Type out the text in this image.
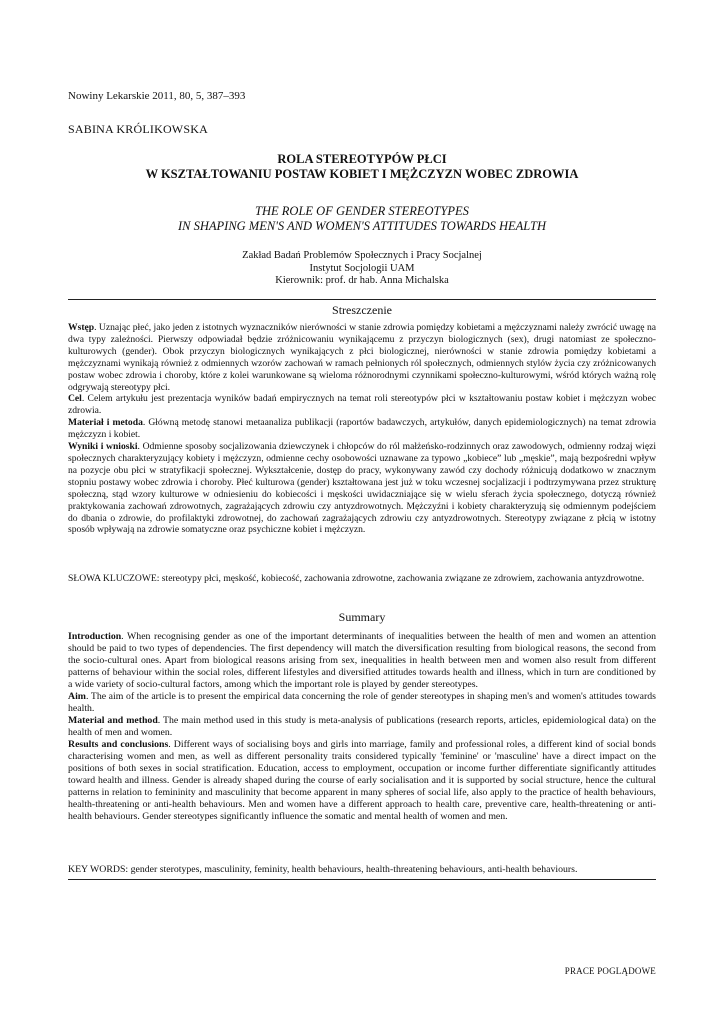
Nowiny Lekarskie 2011, 80, 5, 387–393
SABINA KRÓLIKOWSKA
ROLA STEREOTYPÓW PŁCI
W KSZTAŁTOWANIU POSTAW KOBIET I MĘŻCZYZN WOBEC ZDROWIA
THE ROLE OF GENDER STEREOTYPES
IN SHAPING MEN'S AND WOMEN'S ATTITUDES TOWARDS HEALTH
Zakład Badań Problemów Społecznych i Pracy Socjalnej
Instytut Socjologii UAM
Kierownik: prof. dr hab. Anna Michalska
Streszczenie

Wstęp. Uznając płeć, jako jeden z istotnych wyznaczników nierówności w stanie zdrowia pomiędzy kobietami a mężczyznami należy zwrócić uwagę na dwa typy zależności. Pierwszy odpowiadał będzie zróżnicowaniu wynikającemu z przyczyn biologicznych (sex), drugi natomiast ze społeczno-kulturowych (gender). Obok przyczyn biologicznych wynikających z płci biologicznej, nierówności w stanie zdrowia pomiędzy kobietami a mężczyznami wynikają również z odmiennych wzorów zachowań w ramach pełnionych ról społecznych, odmiennych stylów życia czy zróżnicowanych postaw wobec zdrowia i choroby, które z kolei warunkowane są wieloma różnorodnymi czynnikami społeczno-kulturowymi, wśród których ważną rolę odgrywają stereotypy płci.

Cel. Celem artykułu jest prezentacja wyników badań empirycznych na temat roli stereotypów płci w kształtowaniu postaw kobiet i mężczyzn wobec zdrowia.

Materiał i metoda. Główną metodę stanowi metaanaliza publikacji (raportów badawczych, artykułów, danych epidemiologicznych) na temat zdrowia mężczyzn i kobiet.

Wyniki i wnioski. Odmienne sposoby socjalizowania dziewczynek i chłopców do ról małżeńsko-rodzinnych oraz zawodowych, odmienny rodzaj więzi społecznych charakteryzujący kobiety i mężczyzn, odmienne cechy osobowości uznawane za typowo „kobiece” lub „męskie”, mają bezpośredni wpływ na pozycje obu płci w stratyfikacji społecznej. Wykształcenie, dostęp do pracy, wykonywany zawód czy dochody różnicują dodatkowo w znacznym stopniu postawy wobec zdrowia i choroby. Płeć kulturowa (gender) kształtowana jest już w toku wczesnej socjalizacji i podtrzymywana przez strukturę społeczną, stąd wzory kulturowe w odniesieniu do kobiecości i męskości uwidaczniające się w wielu sferach życia społecznego, dotyczą również praktykowania zachowań zdrowotnych, zagrażających zdrowiu czy antyzdrowotnych. Mężczyźni i kobiety charakteryzują się odmiennym podejściem do dbania o zdrowie, do profilaktyki zdrowotnej, do zachowań zagrażających zdrowiu czy antyzdrowotnych. Stereotypy związane z płcią w istotny sposób wpływają na zdrowie somatyczne oraz psychiczne kobiet i mężczyzn.

SŁOWA KLUCZOWE: stereotypy płci, męskość, kobiecość, zachowania zdrowotne, zachowania związane ze zdrowiem, zachowania antyzdrowotne.
Summary

Introduction. When recognising gender as one of the important determinants of inequalities between the health of men and women an attention should be paid to two types of dependencies. The first dependency will match the diversification resulting from biological reasons, the second from the socio-cultural ones. Apart from biological reasons arising from sex, inequalities in health between men and women also result from different patterns of behaviour within the social roles, different lifestyles and diversified attitudes towards health and illness, which in turn are conditioned by a wide variety of socio-cultural factors, among which the important role is played by gender stereotypes.

Aim. The aim of the article is to present the empirical data concerning the role of gender stereotypes in shaping men's and women's attitudes towards health.

Material and method. The main method used in this study is meta-analysis of publications (research reports, articles, epidemiological data) on the health of men and women.

Results and conclusions. Different ways of socialising boys and girls into marriage, family and professional roles, a different kind of social bonds characterising women and men, as well as different personality traits considered typically 'feminine' or 'masculine' have a direct impact on the positions of both sexes in social stratification. Education, access to employment, occupation or income further differentiate significantly attitudes toward health and illness. Gender is already shaped during the course of early socialisation and it is supported by social structure, hence the cultural patterns in relation to femininity and masculinity that become apparent in many spheres of social life, also apply to the practice of health behaviours, health-threatening or anti-health behaviours. Men and women have a different approach to health care, preventive care, health-threatening or anti-health behaviours. Gender stereotypes significantly influence the somatic and mental health of women and men.

KEY WORDS: gender sterotypes, masculinity, feminity, health behaviours, health-threatening behaviours, anti-health behaviours.
PRACE POGLĄDOWE
